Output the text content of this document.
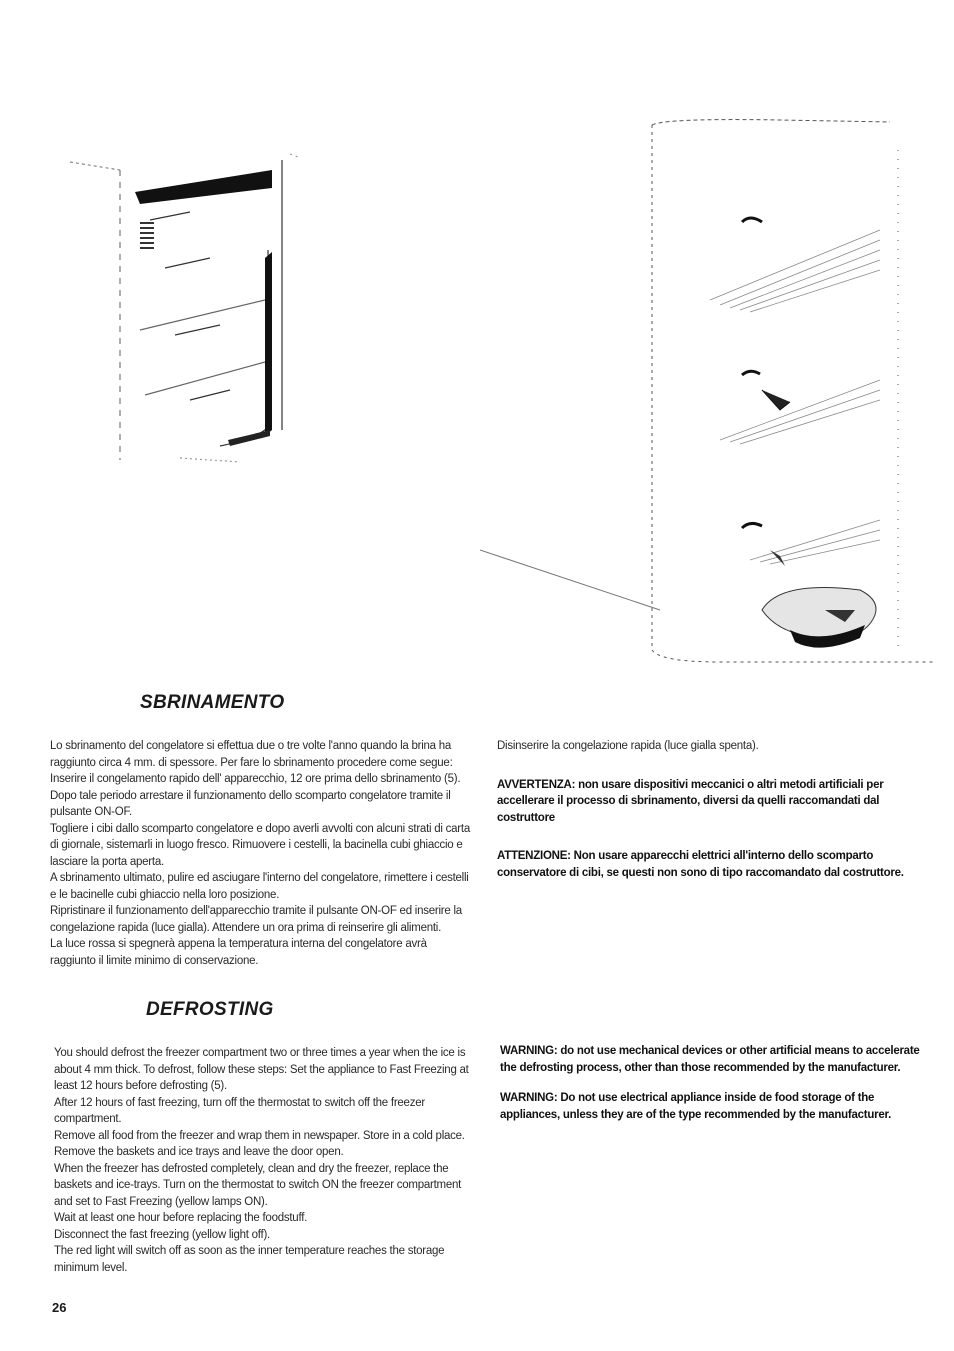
SBRINAMENTO

Lo sbrinamento del congelatore si effettua due o tre volte l'anno quando la brina ha raggiunto circa 4 mm. di spessore. Per fare lo sbrinamento procedere come segue:

Inserire il congelamento rapido dell' apparecchio, 12 ore prima dello sbrinamento (5).

Dopo tale periodo arrestare il funzionamento dello scomparto congelatore tramite il pulsante ON-OF.

Togliere i cibi dallo scomparto congelatore e dopo averli avvolti con alcuni strati di carta di giornale, sistemarli in luogo fresco. Rimuovere i cestelli, la bacinella cubi ghiaccio e lasciare la porta aperta.

A sbrinamento ultimato, pulire ed asciugare l'interno del congelatore, rimettere i cestelli e le bacinelle cubi ghiaccio nella loro posizione.

Ripristinare il funzionamento dell'apparecchio tramite il pulsante ON-OF ed inserire la congelazione rapida (luce gialla). Attendere un ora prima di reinserire gli alimenti.

La luce rossa si spegnerà appena la temperatura interna del congelatore avrà raggiunto il limite minimo di conservazione.

Disinserire la congelazione rapida (luce gialla spenta).

AVVERTENZA: non usare dispositivi meccanici o altri metodi artificiali per accellerare il processo di sbrinamento, diversi da quelli raccomandati dal costruttore

ATTENZIONE: Non usare apparecchi elettrici all'interno dello scomparto conservatore di cibi, se questi non sono di tipo raccomandato dal costruttore.

DEFROSTING

You should defrost the freezer compartment two or three times a year when the ice is about 4 mm thick. To defrost, follow these steps: Set the appliance to Fast Freezing at least 12 hours before defrosting (5).

After 12 hours of fast freezing, turn off the thermostat to switch off the freezer compartment.

Remove all food from the freezer and wrap them in newspaper. Store in a cold place. Remove the baskets and ice trays and leave the door open.

When the freezer has defrosted completely, clean and dry the freezer, replace the baskets and ice-trays. Turn on the thermostat to switch ON the freezer compartment and set to Fast Freezing (yellow lamps ON).

Wait at least one hour before replacing the foodstuff.

Disconnect the fast freezing (yellow light off).

The red light will switch off as soon as the inner temperature reaches the storage minimum level.

WARNING: do not use mechanical devices or other artificial means to accelerate the defrosting process, other than those recommended by the manufacturer.

WARNING: Do not use electrical appliance inside de food storage of the appliances, unless they are of the type recommended by the manufacturer.

26
